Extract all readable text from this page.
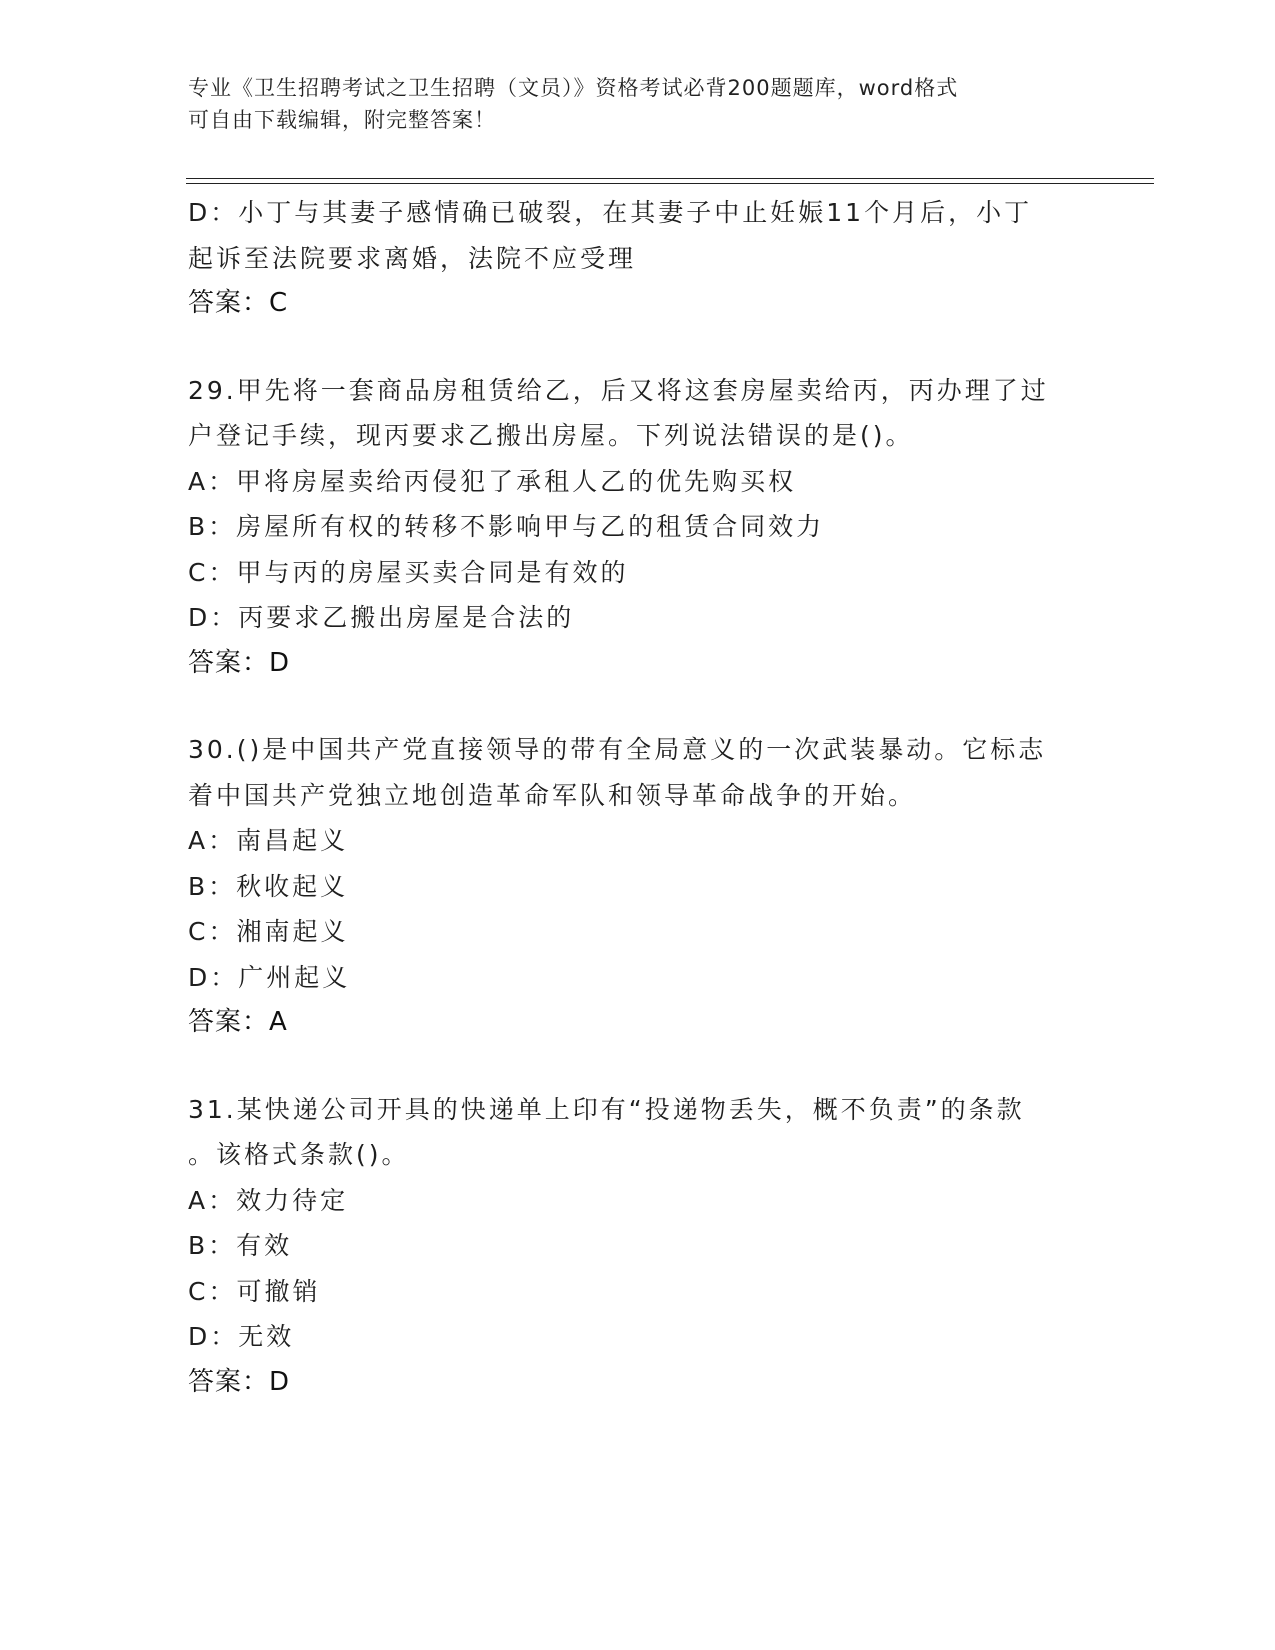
专业《卫生招聘考试之卫生招聘（文员）》资格考试必背200题题库，word格式
可自由下载编辑，附完整答案！
D：小丁与其妻子感情确已破裂，在其妻子中止妊娠11个月后，小丁
起诉至法院要求离婚，法院不应受理
答案：C
29.甲先将一套商品房租赁给乙，后又将这套房屋卖给丙，丙办理了过
户登记手续，现丙要求乙搬出房屋。下列说法错误的是()。
A：甲将房屋卖给丙侵犯了承租人乙的优先购买权
B：房屋所有权的转移不影响甲与乙的租赁合同效力
C：甲与丙的房屋买卖合同是有效的
D：丙要求乙搬出房屋是合法的
答案：D
30.()是中国共产党直接领导的带有全局意义的一次武装暴动。它标志
着中国共产党独立地创造革命军队和领导革命战争的开始。
A：南昌起义
B：秋收起义
C：湘南起义
D：广州起义
答案：A
31.某快递公司开具的快递单上印有“投递物丢失，概不负责”的条款
。该格式条款()。
A：效力待定
B：有效
C：可撤销
D：无效
答案：D
